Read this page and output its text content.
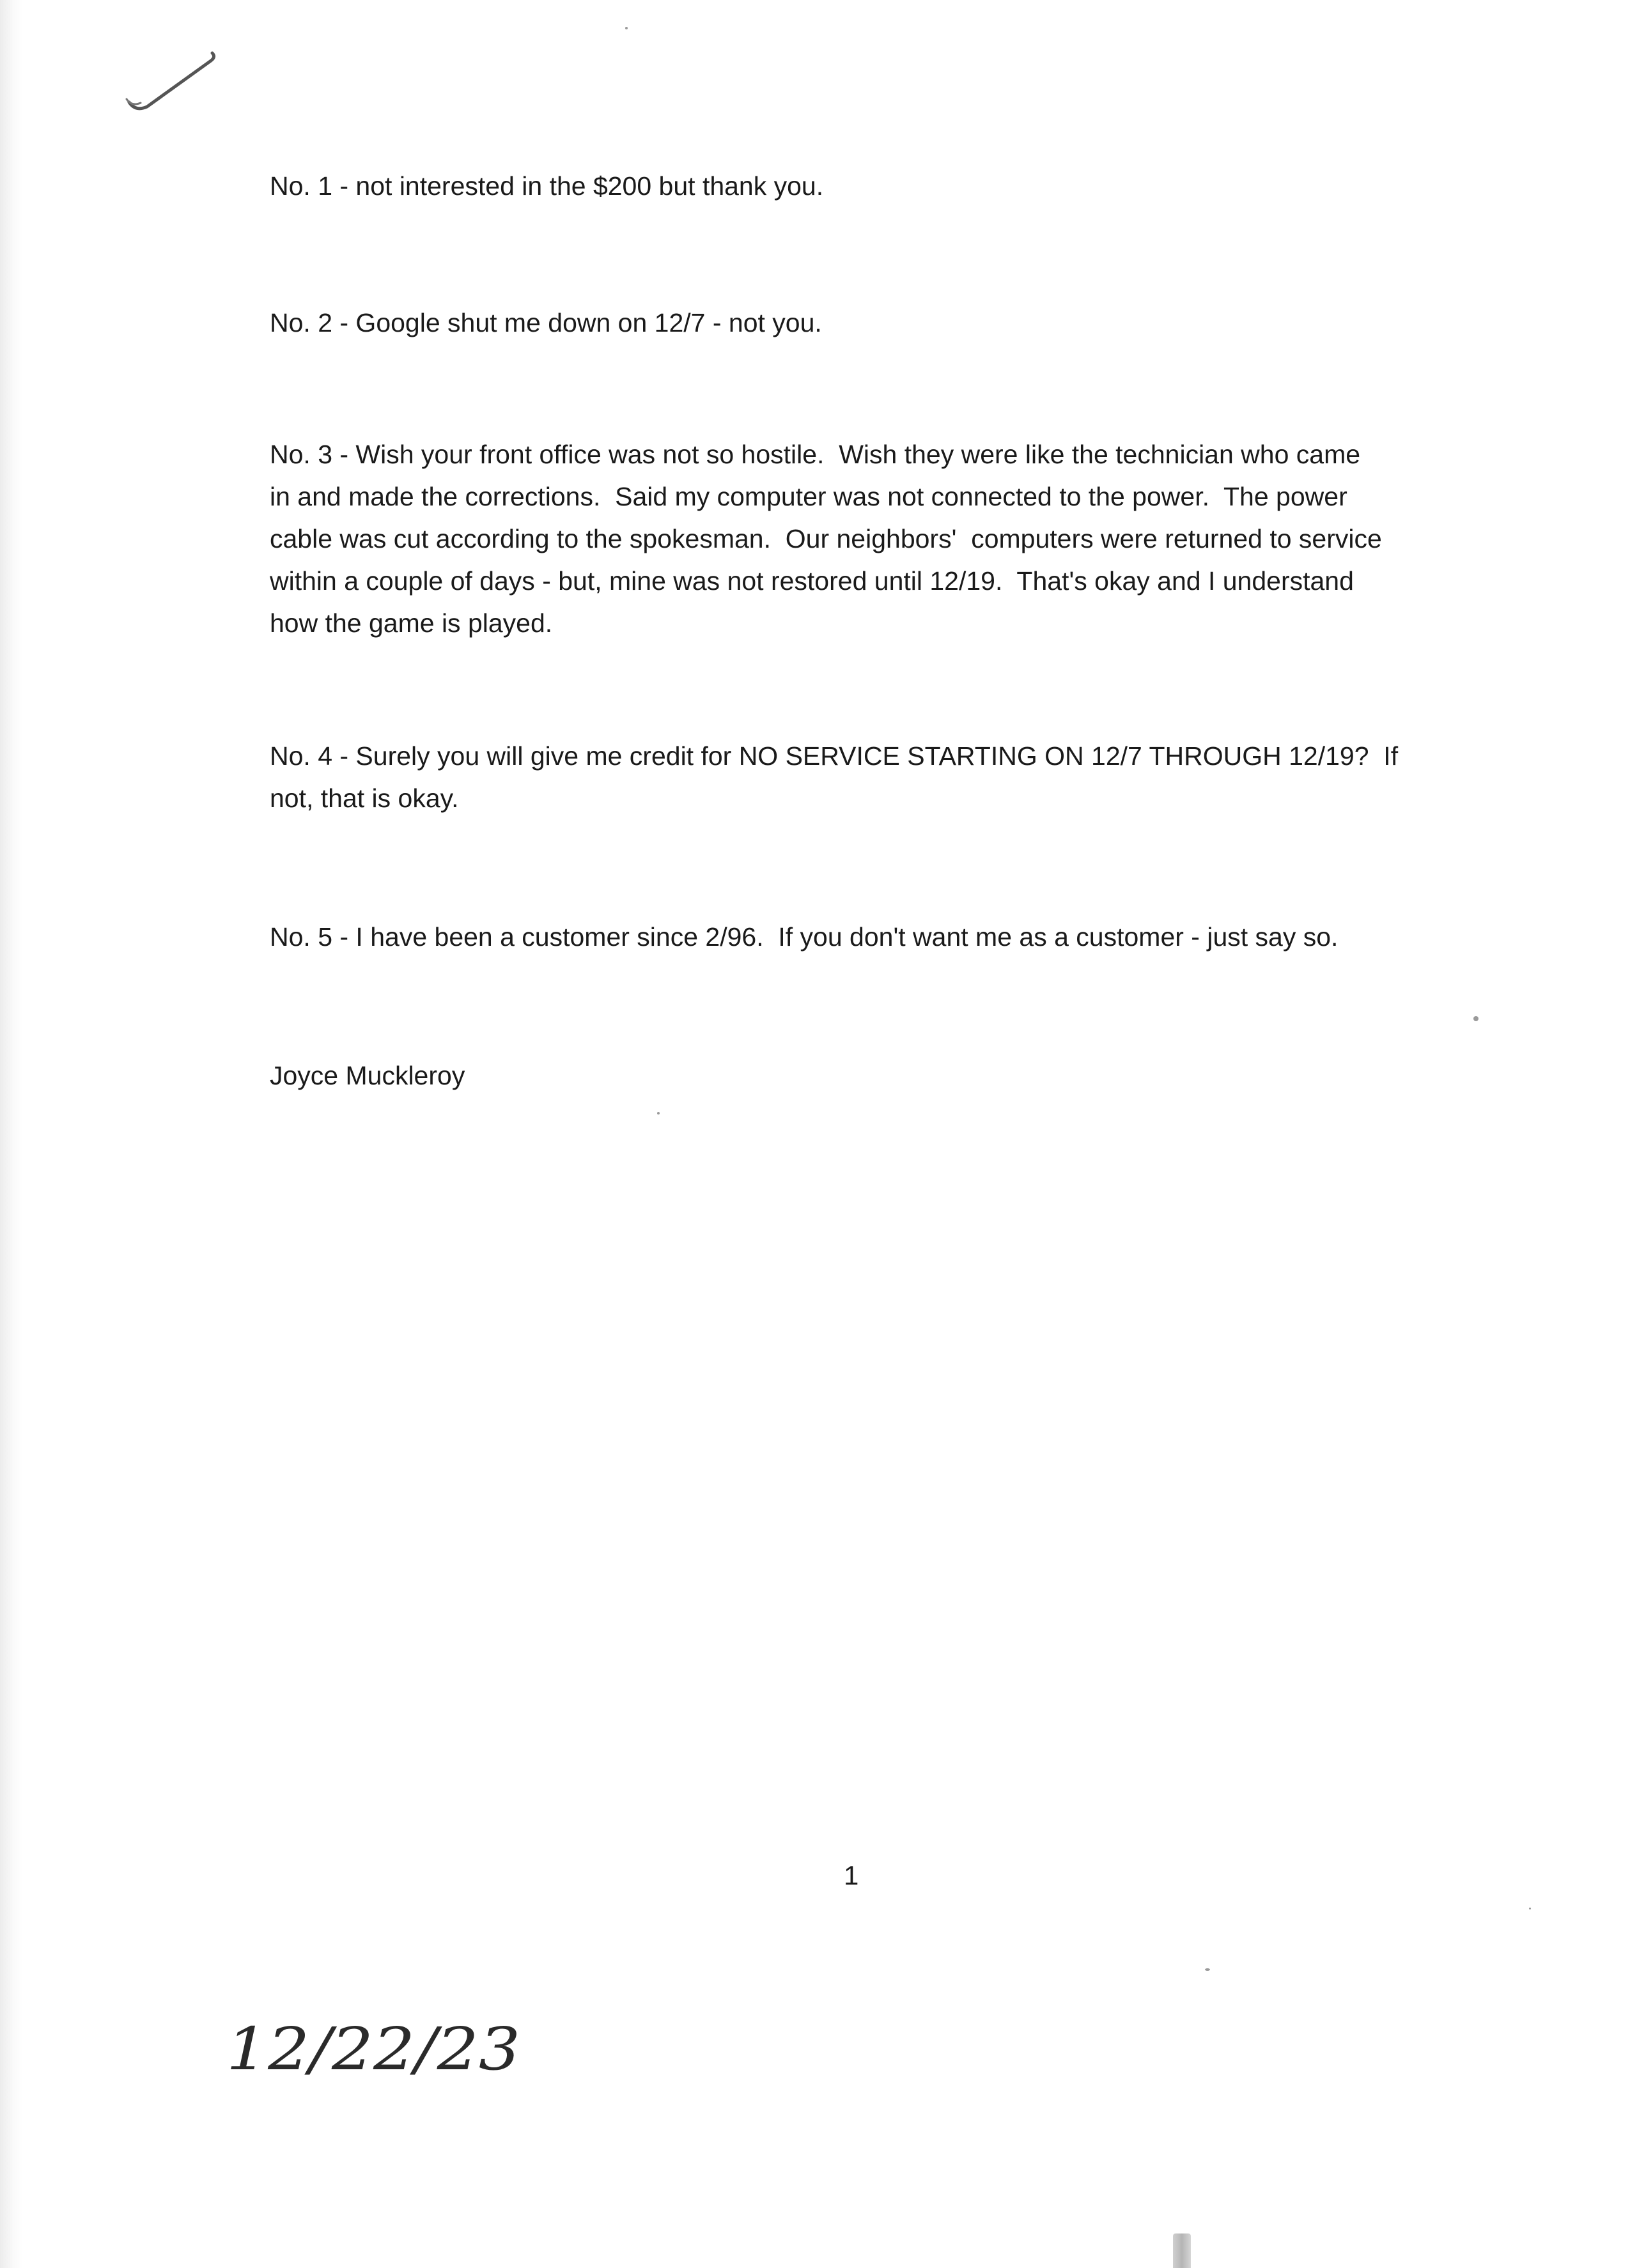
No. 1 - not interested in the $200 but thank you.

No. 2 - Google shut me down on 12/7 - not you.

No. 3 - Wish your front office was not so hostile.  Wish they were like the technician who came
in and made the corrections.  Said my computer was not connected to the power.  The power
cable was cut according to the spokesman.  Our neighbors'  computers were returned to service
within a couple of days - but, mine was not restored until 12/19.  That's okay and I understand
how the game is played.

No. 4 - Surely you will give me credit for NO SERVICE STARTING ON 12/7 THROUGH 12/19?  If
not, that is okay.

No. 5 - I have been a customer since 2/96.  If you don't want me as a customer - just say so.

Joyce Muckleroy

1
12/22/23
